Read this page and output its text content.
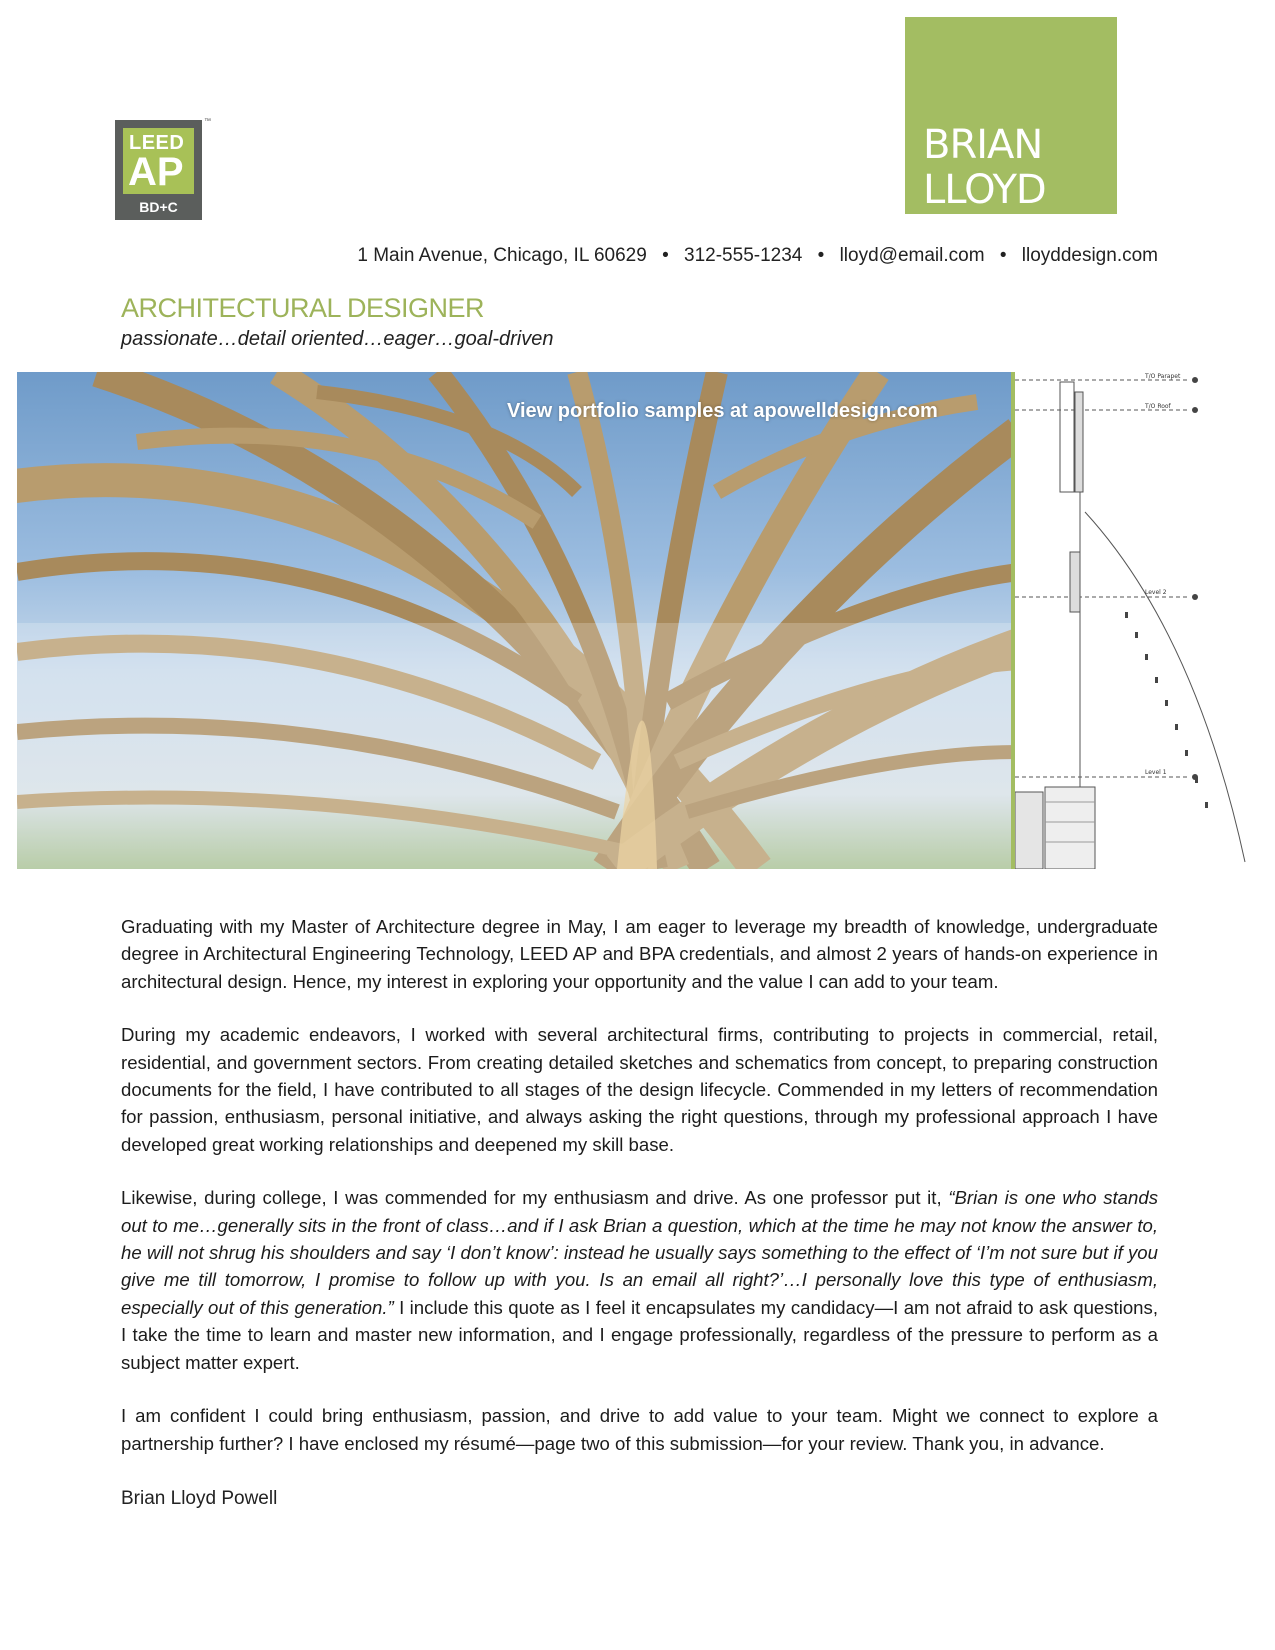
LEED
AP
BD+C
™
BRIAN
LLOYD
1 Main Avenue, Chicago, IL 60629 • 312-555-1234 • lloyd@email.com • lloyddesign.com
ARCHITECTURAL DESIGNER
passionate…detail oriented…eager…goal-driven
View portfolio samples at apowelldesign.com
T/O Parapet
T/O Roof
Level 2
Level 1

Graduating with my Master of Architecture degree in May, I am eager to leverage my breadth of knowledge, undergraduate degree in Architectural Engineering Technology, LEED AP and BPA credentials, and almost 2 years of hands-on experience in architectural design. Hence, my interest in exploring your opportunity and the value I can add to your team.

During my academic endeavors, I worked with several architectural firms, contributing to projects in commercial, retail, residential, and government sectors. From creating detailed sketches and schematics from concept, to preparing construction documents for the field, I have contributed to all stages of the design lifecycle. Commended in my letters of recommendation for passion, enthusiasm, personal initiative, and always asking the right questions, through my professional approach I have developed great working relationships and deepened my skill base.

Likewise, during college, I was commended for my enthusiasm and drive. As one professor put it, “Brian is one who stands out to me…generally sits in the front of class…and if I ask Brian a question, which at the time he may not know the answer to, he will not shrug his shoulders and say ‘I don’t know’: instead he usually says something to the effect of ‘I’m not sure but if you give me till tomorrow, I promise to follow up with you. Is an email all right?’…I personally love this type of enthusiasm, especially out of this generation.” I include this quote as I feel it encapsulates my candidacy—I am not afraid to ask questions, I take the time to learn and master new information, and I engage professionally, regardless of the pressure to perform as a subject matter expert.

I am confident I could bring enthusiasm, passion, and drive to add value to your team. Might we connect to explore a partnership further? I have enclosed my résumé—page two of this submission—for your review. Thank you, in advance.

Brian Lloyd Powell
